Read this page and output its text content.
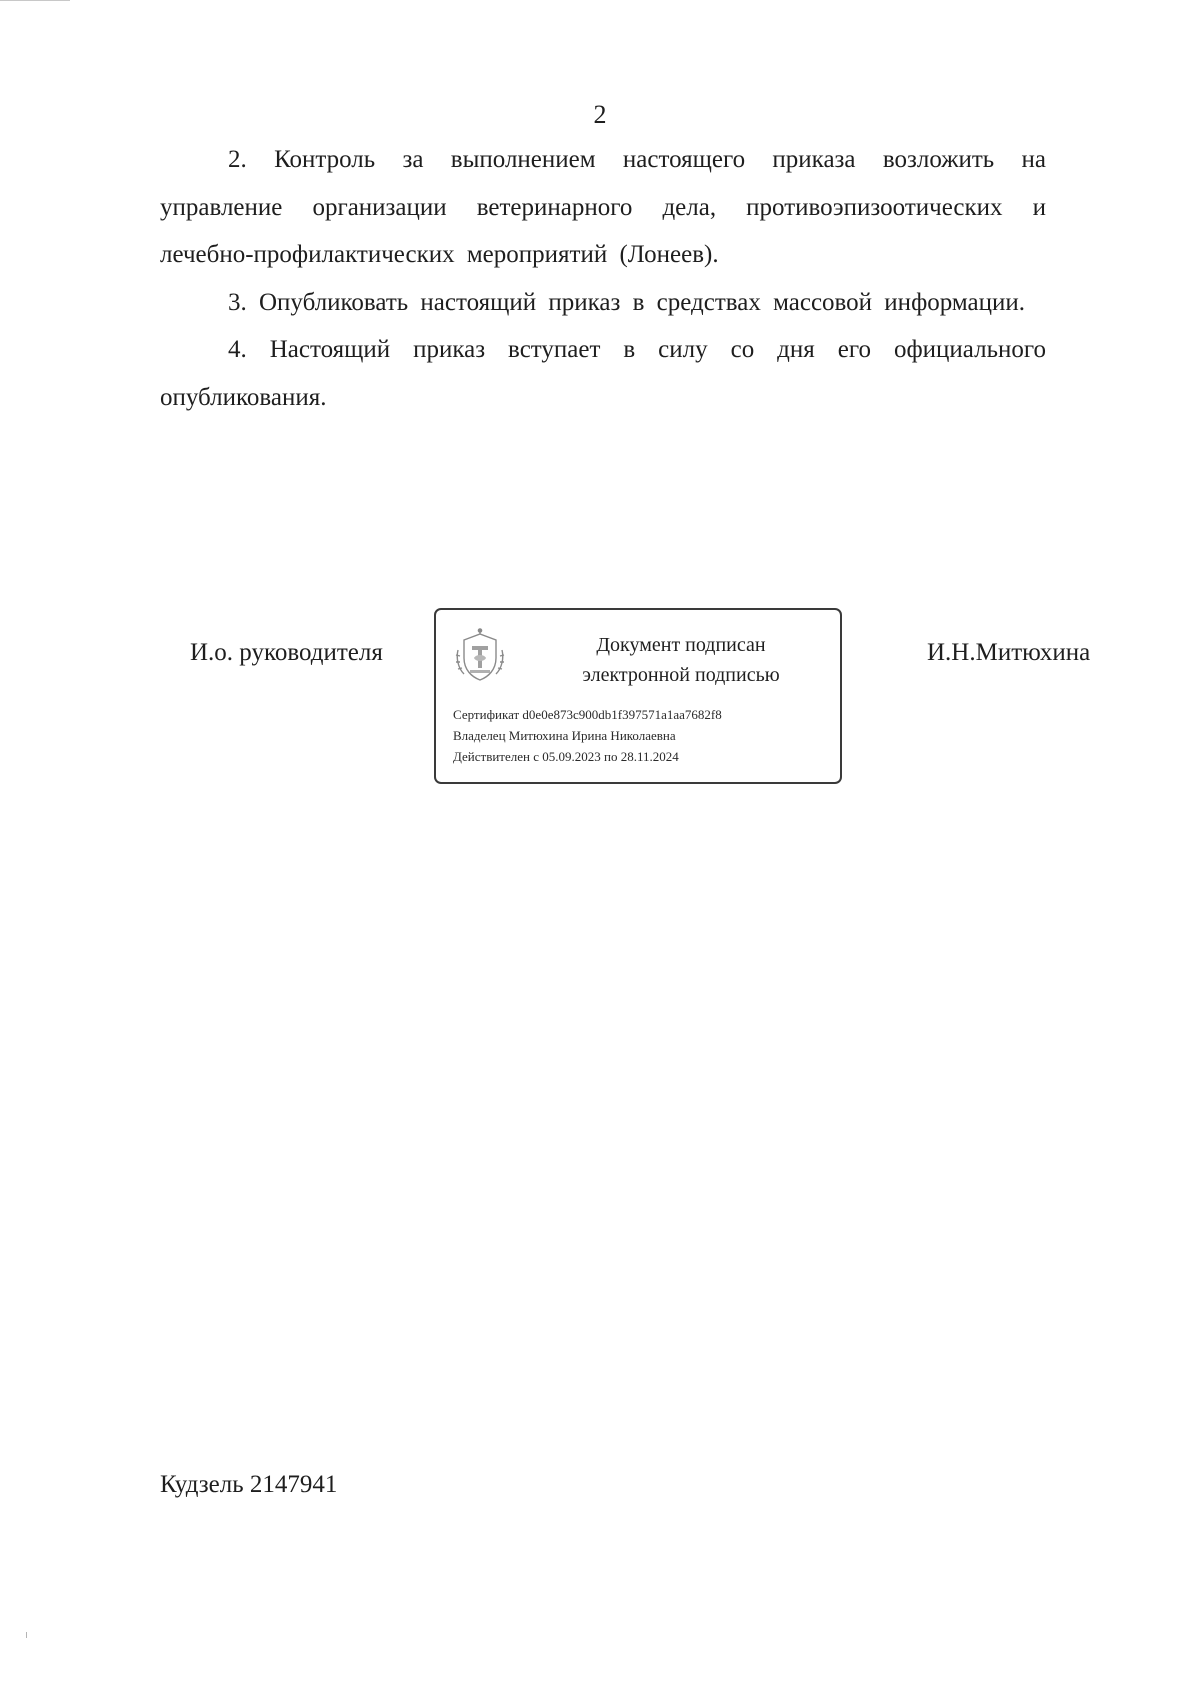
2

2. Контроль за выполнением настоящего приказа возложить на управление организации ветеринарного дела, противоэпизоотических и лечебно-профилактических мероприятий (Лонеев).

3. Опубликовать настоящий приказ в средствах массовой информации.

4. Настоящий приказ вступает в силу со дня его официального опубликования.

И.о. руководителя	Документ подписан
электронной подписью
Сертификат d0e0e873c900db1f397571a1aa7682f8
Владелец Митюхина Ирина Николаевна
Действителен с 05.09.2023 по 28.11.2024
И.Н.Митюхина
Кудзель 2147941
